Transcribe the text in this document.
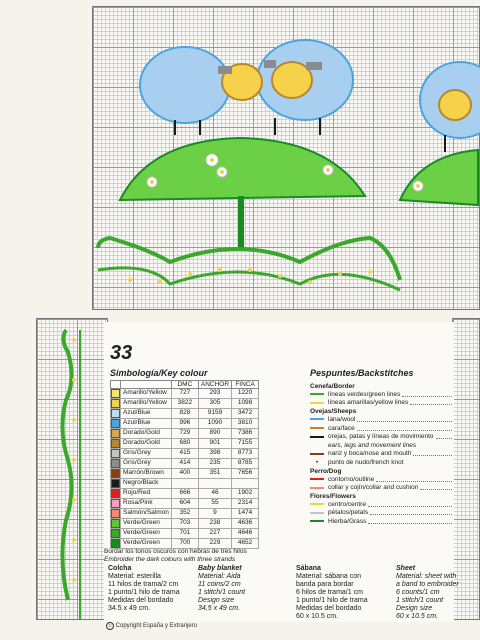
33
Simbología/Key colour	Pespuntes/Backstitches
		DMC	ANCHOR	FINCA

	Amarillo/Yellow	727	293	1220

	Amarillo/Yellow	3822	305	1098

	Azul/Blue	828	9159	3472

	Azul/Blue	996	1090	3810

	Dorado/Gold	729	890	7386

	Dorado/Gold	680	901	7155

	Gris/Grey	415	398	8773

	Gris/Grey	414	235	8785

	Marrón/Brown	400	351	7656

	Negro/Black			

	Rojo/Red	666	46	1902

	Rosa/Pink	604	55	2314

	Salmón/Salmon	352	9	1474

	Verde/Green	703	238	4636

	Verde/Green	701	227	4646

	Verde/Green	700	229	4652
Cenefa/Border
líneas verdes/green lines
líneas amarillas/yellow lines
Ovejas/Sheeps
lana/wool
cara/face
orejas, patas y líneas de movimiento
ears, legs and movement lines
nariz y boca/nose and mouth
•	punto de nudo/french knot
Perro/Dog
contorno/outline
collar y cojín/collar and cushion
Flores/Flowers
centro/centre
pétalos/petals
Hierba/Grass
Bordar los tonos oscuros con hebras de tres hilos
Embroider the dark colours with three strands
Colcha
Material: esterilla
11 hilos de trama/2 cm
1 punto/1 hilo de trama
Medidas del bordado
34.5 x 49 cm.
Baby blanket
Material: Aida
11 coins/2 cm
1 stitch/1 count
Design size
34,5 x 49 cm.
Sábana
Material: sábana con
banda para bordar
6 hilos de trama/1 cm
1 punto/1 hilo de trama
Medidas del bordado
60 x 10.5 cm.
Sheet
Material: sheet with
a band to embroider
6 counts/1 cm
1 stitch/1 count
Design size
60 x 10.5 cm.
© Copyright España y Extranjero
